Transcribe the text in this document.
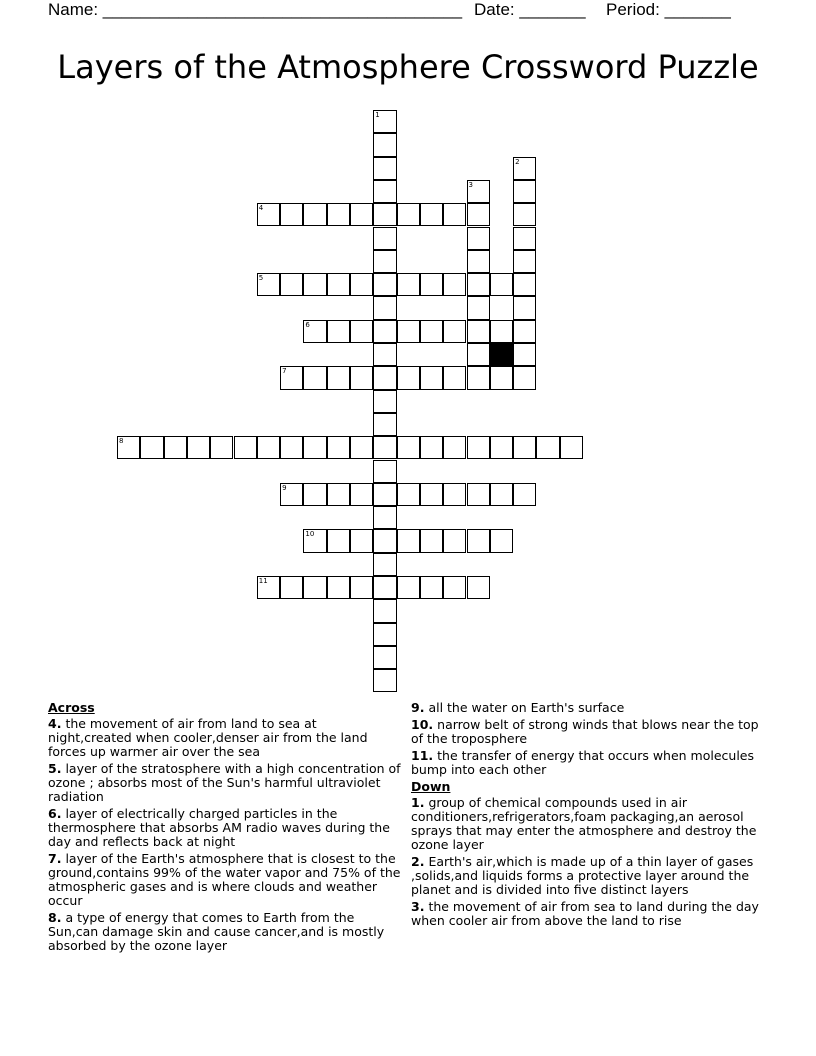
Name: ______________________________________ Date: _______ Period: _______
Layers of the Atmosphere Crossword Puzzle
1
2
3
4
5
6
7
8
9
10
11
Across
4. the movement of air from land to sea at night,created when cooler,denser air from the land forces up warmer air over the sea
5. layer of the stratosphere with a high concentration of ozone ; absorbs most of the Sun's harmful ultraviolet radiation
6. layer of electrically charged particles in the thermosphere that absorbs AM radio waves during the day and reflects back at night
7. layer of the Earth's atmosphere that is closest to the ground,contains 99% of the water vapor and 75% of the atmospheric gases and is where clouds and weather occur
8. a type of energy that comes to Earth from the Sun,can damage skin and cause cancer,and is mostly absorbed by the ozone layer
9. all the water on Earth's surface
10. narrow belt of strong winds that blows near the top of the troposphere
11. the transfer of energy that occurs when molecules bump into each other
Down
1. group of chemical compounds used in air conditioners,refrigerators,foam packaging,an aerosol sprays that may enter the atmosphere and destroy the ozone layer
2. Earth's air,which is made up of a thin layer of gases ,solids,and liquids forms a protective layer around the planet and is divided into five distinct layers
3. the movement of air from sea to land during the day when cooler air from above the land to rise
